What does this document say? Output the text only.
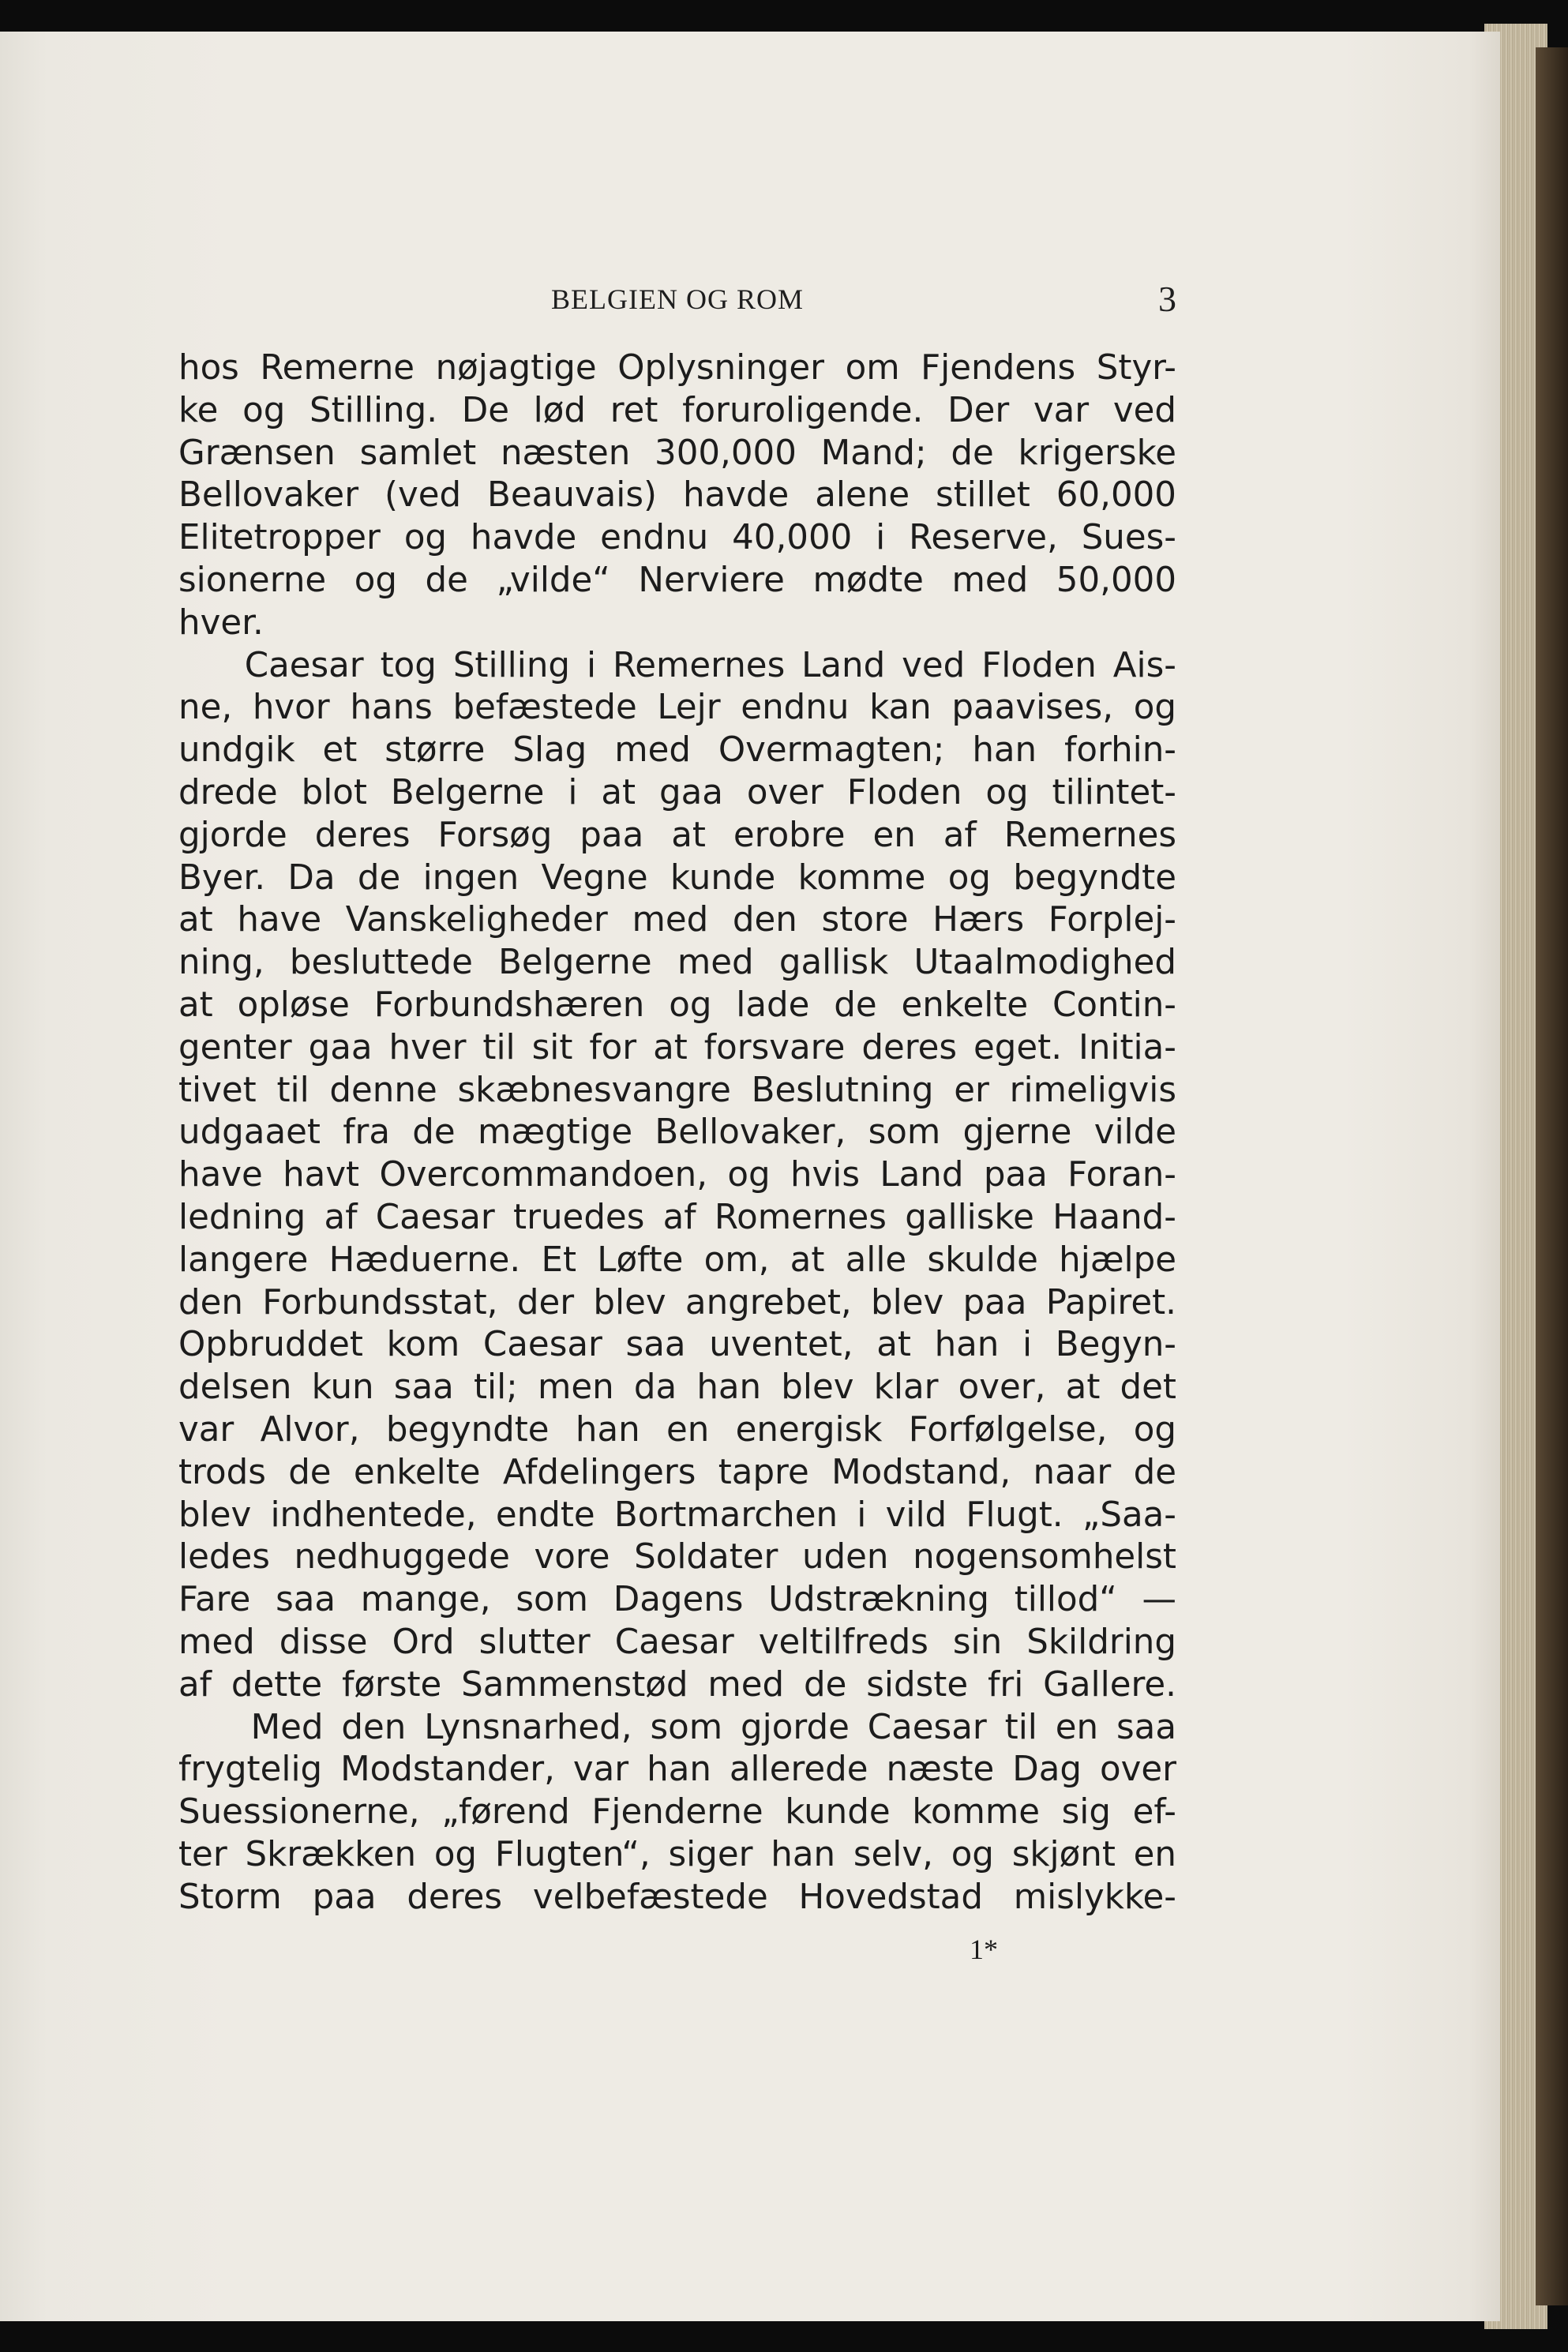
BELGIEN OG ROM	3
hos Remerne nøjagtige Oplysninger om Fjendens Styr-
ke og Stilling. De lød ret foruroligende. Der var ved
Grænsen samlet næsten 300,000 Mand; de krigerske
Bellovaker (ved Beauvais) havde alene stillet 60,000
Elitetropper og havde endnu 40,000 i Reserve, Sues-
sionerne og de „vilde“ Nerviere mødte med 50,000
hver.
Caesar tog Stilling i Remernes Land ved Floden Ais-
ne, hvor hans befæstede Lejr endnu kan paavises, og
undgik et større Slag med Overmagten; han forhin-
drede blot Belgerne i at gaa over Floden og tilintet-
gjorde deres Forsøg paa at erobre en af Remernes
Byer. Da de ingen Vegne kunde komme og begyndte
at have Vanskeligheder med den store Hærs Forplej-
ning, besluttede Belgerne med gallisk Utaalmodighed
at opløse Forbundshæren og lade de enkelte Contin-
genter gaa hver til sit for at forsvare deres eget. Initia-
tivet til denne skæbnesvangre Beslutning er rimeligvis
udgaaet fra de mægtige Bellovaker, som gjerne vilde
have havt Overcommandoen, og hvis Land paa Foran-
ledning af Caesar truedes af Romernes galliske Haand-
langere Hæduerne. Et Løfte om, at alle skulde hjælpe
den Forbundsstat, der blev angrebet, blev paa Papiret.
Opbruddet kom Caesar saa uventet, at han i Begyn-
delsen kun saa til; men da han blev klar over, at det
var Alvor, begyndte han en energisk Forfølgelse, og
trods de enkelte Afdelingers tapre Modstand, naar de
blev indhentede, endte Bortmarchen i vild Flugt. „Saa-
ledes nedhuggede vore Soldater uden nogensomhelst
Fare saa mange, som Dagens Udstrækning tillod“ —
med disse Ord slutter Caesar veltilfreds sin Skildring
af dette første Sammenstød med de sidste fri Gallere.
Med den Lynsnarhed, som gjorde Caesar til en saa
frygtelig Modstander, var han allerede næste Dag over
Suessionerne, „førend Fjenderne kunde komme sig ef-
ter Skrækken og Flugten“, siger han selv, og skjønt en
Storm paa deres velbefæstede Hovedstad mislykke-
1*
